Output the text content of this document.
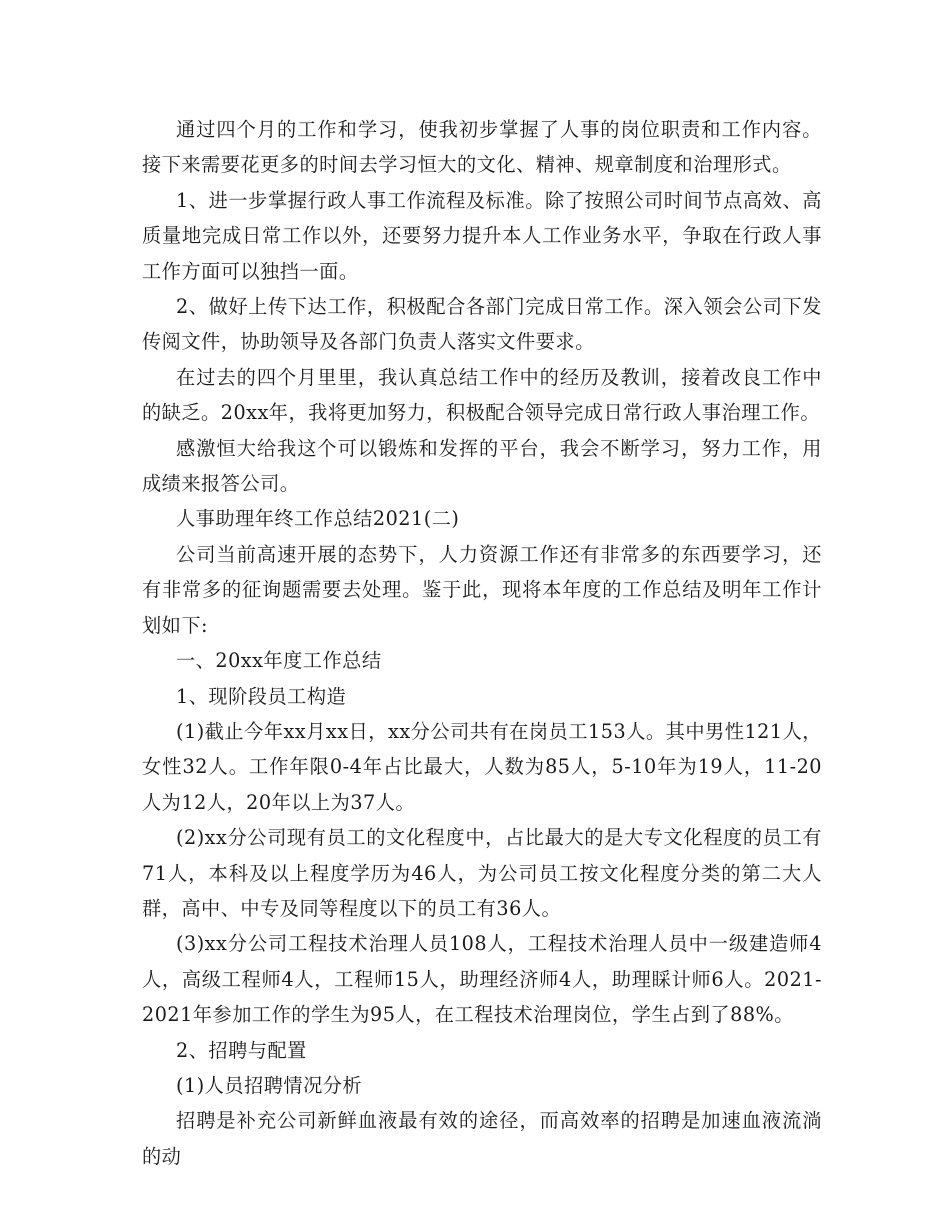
通过四个月的工作和学习，使我初步掌握了人事的岗位职责和工作内容。接下来需要花更多的时间去学习恒大的文化、精神、规章制度和治理形式。

1、进一步掌握行政人事工作流程及标准。除了按照公司时间节点高效、高质量地完成日常工作以外，还要努力提升本人工作业务水平，争取在行政人事工作方面可以独挡一面。

2、做好上传下达工作，积极配合各部门完成日常工作。深入领会公司下发传阅文件，协助领导及各部门负责人落实文件要求。

在过去的四个月里里，我认真总结工作中的经历及教训，接着改良工作中的缺乏。20xx年，我将更加努力，积极配合领导完成日常行政人事治理工作。

感激恒大给我这个可以锻炼和发挥的平台，我会不断学习，努力工作，用成绩来报答公司。

人事助理年终工作总结2021(二)

公司当前高速开展的态势下，人力资源工作还有非常多的东西要学习，还有非常多的征询题需要去处理。鉴于此，现将本年度的工作总结及明年工作计划如下:

一、20xx年度工作总结

1、现阶段员工构造

(1)截止今年xx月xx日，xx分公司共有在岗员工153人。其中男性121人，女性32人。工作年限0-4年占比最大，人数为85人，5-10年为19人，11-20人为12人，20年以上为37人。

(2)xx分公司现有员工的文化程度中，占比最大的是大专文化程度的员工有71人，本科及以上程度学历为46人，为公司员工按文化程度分类的第二大人群，高中、中专及同等程度以下的员工有36人。

(3)xx分公司工程技术治理人员108人，工程技术治理人员中一级建造师4人，高级工程师4人，工程师15人，助理经济师4人，助理睬计师6人。2021-2021年参加工作的学生为95人，在工程技术治理岗位，学生占到了88%。

2、招聘与配置

(1)人员招聘情况分析

招聘是补充公司新鲜血液最有效的途径，而高效率的招聘是加速血液流淌的动
